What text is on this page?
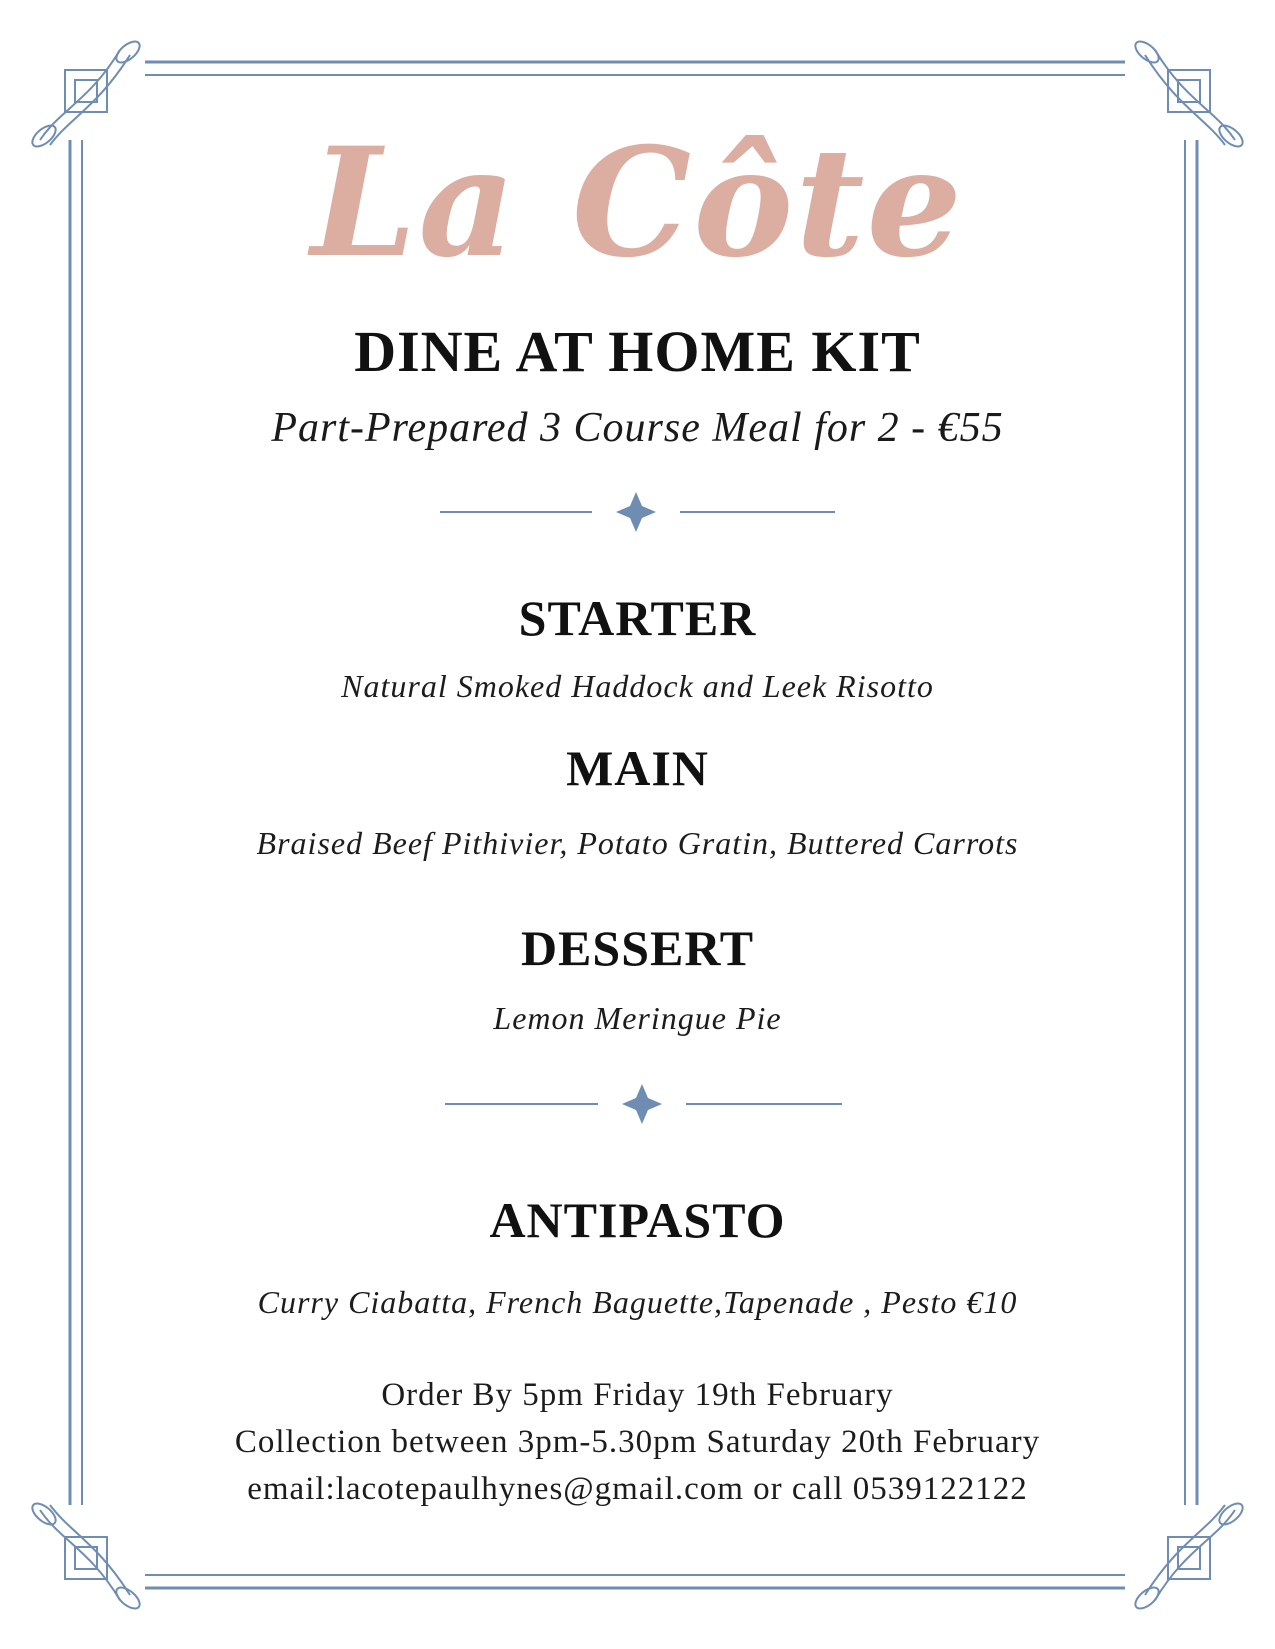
La Côte
DINE AT HOME KIT
Part-Prepared 3 Course Meal for 2 - €55
STARTER
Natural Smoked Haddock and Leek Risotto
MAIN
Braised Beef Pithivier, Potato Gratin, Buttered Carrots
DESSERT
Lemon Meringue Pie
ANTIPASTO
Curry Ciabatta, French Baguette,Tapenade , Pesto €10
Order By 5pm Friday 19th February
Collection between 3pm-5.30pm Saturday 20th February
email:lacotepaulhynes@gmail.com or call 0539122122
